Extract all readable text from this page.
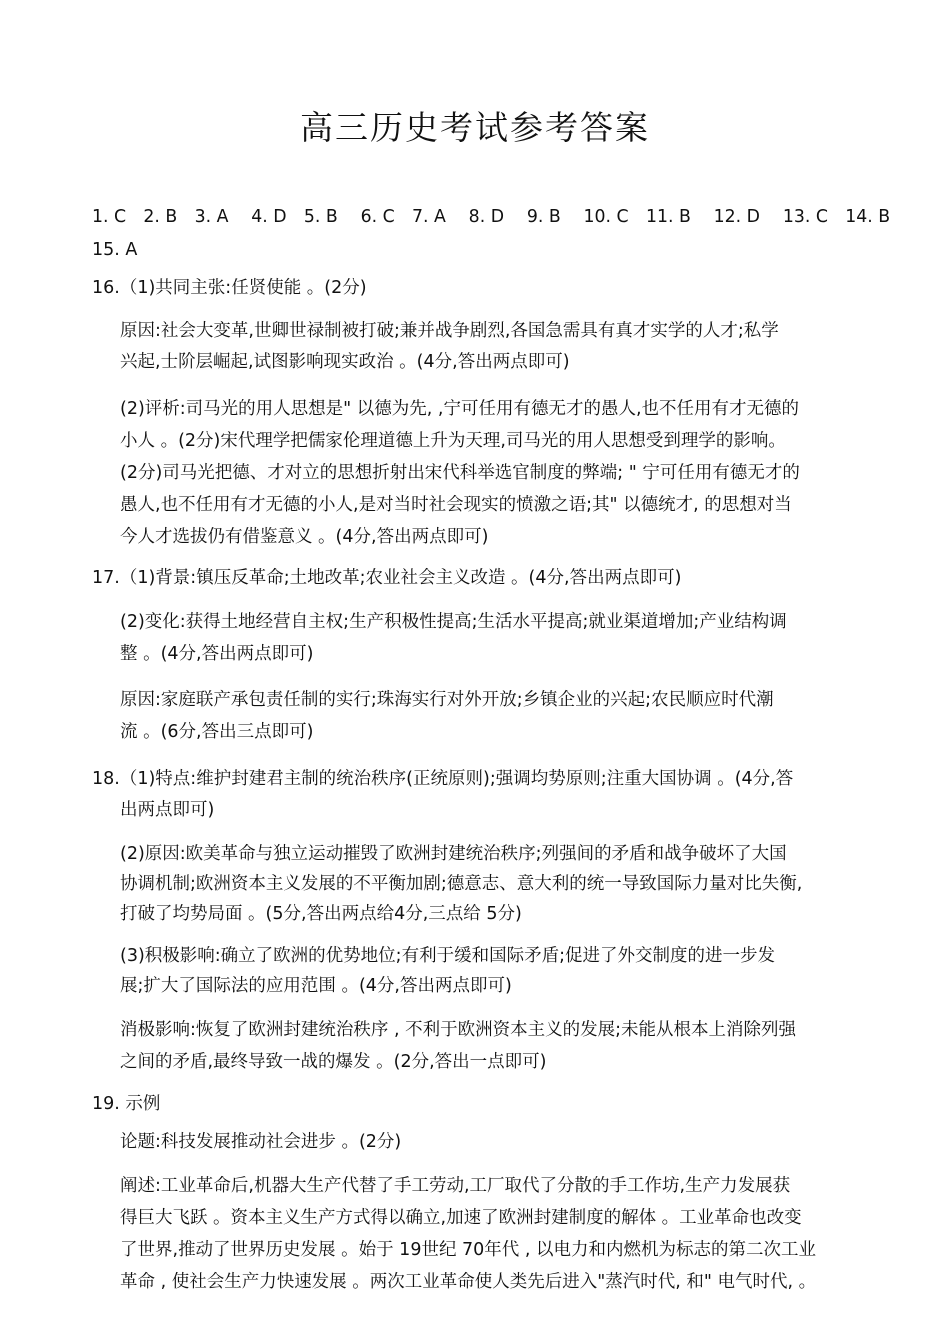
高三历史考试参考答案

1. C　2. B　3. A　 4. D　5. B　 6. C　7. A　 8. D　 9. B　 10. C　11. B　 12. D　 13. C　14. B

15. A

16.（1)共同主张:任贤使能 。(2分)

原因:社会大变革,世卿世禄制被打破;兼并战争剧烈,各国急需具有真才实学的人才;私学

兴起,士阶层崛起,试图影响现实政治 。(4分,答出两点即可)

(2)评析:司马光的用人思想是" 以德为先, ,宁可任用有德无才的愚人,也不任用有才无德的

小人 。(2分)宋代理学把儒家伦理道德上升为天理,司马光的用人思想受到理学的影响。

(2分)司马光把德、才对立的思想折射出宋代科举选官制度的弊端; " 宁可任用有德无才的

愚人,也不任用有才无德的小人,是对当时社会现实的愤激之语;其" 以德统才, 的思想对当

今人才选拔仍有借鉴意义 。(4分,答出两点即可)

17.（1)背景:镇压反革命;土地改革;农业社会主义改造 。(4分,答出两点即可)

(2)变化:获得土地经营自主权;生产积极性提高;生活水平提高;就业渠道增加;产业结构调

整 。(4分,答出两点即可)

原因:家庭联产承包责任制的实行;珠海实行对外开放;乡镇企业的兴起;农民顺应时代潮

流 。(6分,答出三点即可)

18.（1)特点:维护封建君主制的统治秩序(正统原则);强调均势原则;注重大国协调 。(4分,答

出两点即可)

(2)原因:欧美革命与独立运动摧毁了欧洲封建统治秩序;列强间的矛盾和战争破坏了大国

协调机制;欧洲资本主义发展的不平衡加剧;德意志、意大利的统一导致国际力量对比失衡,

打破了均势局面 。(5分,答出两点给4分,三点给 5分)

(3)积极影响:确立了欧洲的优势地位;有利于缓和国际矛盾;促进了外交制度的进一步发

展;扩大了国际法的应用范围 。(4分,答出两点即可)

消极影响:恢复了欧洲封建统治秩序 , 不利于欧洲资本主义的发展;未能从根本上消除列强

之间的矛盾,最终导致一战的爆发 。(2分,答出一点即可)

19. 示例

论题:科技发展推动社会进步 。(2分)

阐述:工业革命后,机器大生产代替了手工劳动,工厂取代了分散的手工作坊,生产力发展获

得巨大飞跃 。资本主义生产方式得以确立,加速了欧洲封建制度的解体 。工业革命也改变

了世界,推动了世界历史发展 。始于 19世纪 70年代 , 以电力和内燃机为标志的第二次工业

革命 , 使社会生产力快速发展 。两次工业革命使人类先后进入"蒸汽时代, 和" 电气时代, 。
